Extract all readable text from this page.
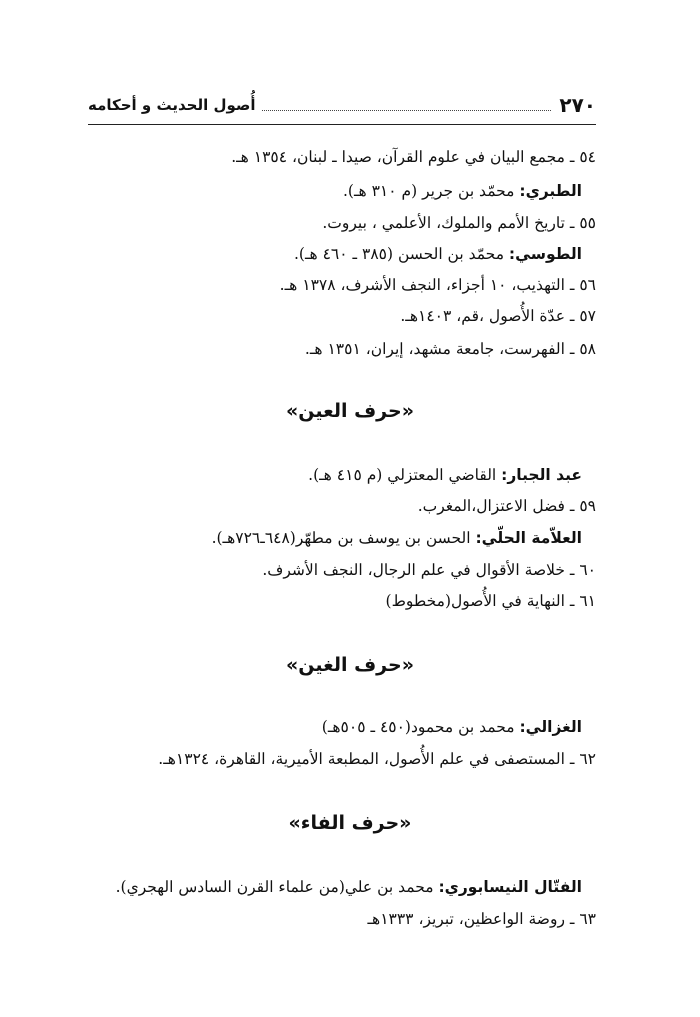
٢٧٠
أُصول الحديث و أحكامه
٥٤ ـ مجمع البيان في علوم القرآن، صيدا ـ لبنان، ١٣٥٤ هـ.
الطبري: محمّد بن جرير (م ٣١٠ هـ).
٥٥ ـ تاريخ الأمم والملوك، الأعلمي ، بيروت.
الطوسي: محمّد بن الحسن (٣٨٥ ـ ٤٦٠ هـ).
٥٦ ـ التهذيب، ١٠ أجزاء، النجف الأشرف، ١٣٧٨ هـ.
٥٧ ـ عدّة الأُصول ،قم، ١٤٠٣هـ.
٥٨ ـ الفهرست، جامعة مشهد، إيران، ١٣٥١ هـ.
«حرف العين»
عبد الجبار: القاضي المعتزلي (م ٤١٥ هـ).
٥٩ ـ فضل الاعتزال،المغرب.
العلاّمة الحلّي: الحسن بن يوسف بن مطهّر(٦٤٨ـ٧٢٦هـ).
٦٠ ـ خلاصة الأقوال في علم الرجال، النجف الأشرف.
٦١ ـ النهاية في الأُصول(مخطوط)
«حرف الغين»
الغزالي: محمد بن محمود(٤٥٠ ـ ٥٠٥هـ)
٦٢ ـ المستصفى في علم الأُصول، المطبعة الأميرية، القاهرة، ١٣٢٤هـ.
«حرف الفاء»
الفتّال النيسابوري: محمد بن علي(من علماء القرن السادس الهجري).
٦٣ ـ روضة الواعظين، تبريز، ١٣٣٣هـ
